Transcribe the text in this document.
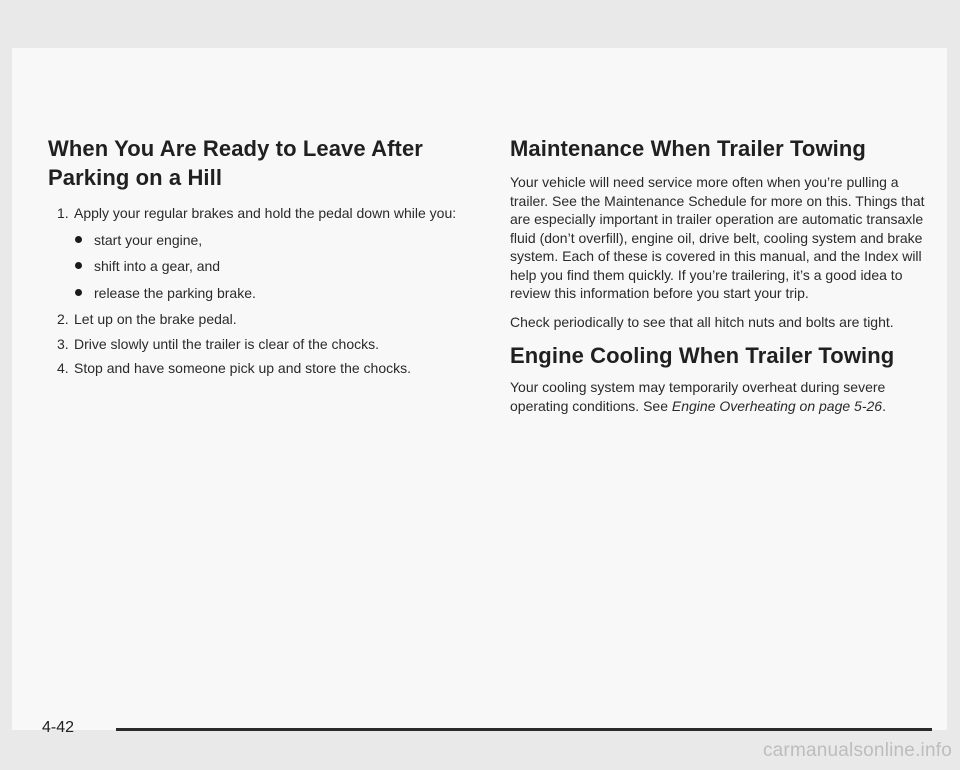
When You Are Ready to Leave After
Parking on a Hill
1. Apply your regular brakes and hold the pedal down while you:
start your engine,
shift into a gear, and
release the parking brake.
2. Let up on the brake pedal.
3. Drive slowly until the trailer is clear of the chocks.
4. Stop and have someone pick up and store the chocks.
Maintenance When Trailer Towing

Your vehicle will need service more often when you’re pulling a trailer. See the Maintenance Schedule for more on this. Things that are especially important in trailer operation are automatic transaxle fluid (don’t overfill), engine oil, drive belt, cooling system and brake system. Each of these is covered in this manual, and the Index will help you find them quickly. If you’re trailering, it’s a good idea to review this information before you start your trip.

Check periodically to see that all hitch nuts and bolts are tight.

Engine Cooling When Trailer Towing

Your cooling system may temporarily overheat during severe operating conditions. See Engine Overheating on page 5-26.

4-42
carmanualsonline.info
